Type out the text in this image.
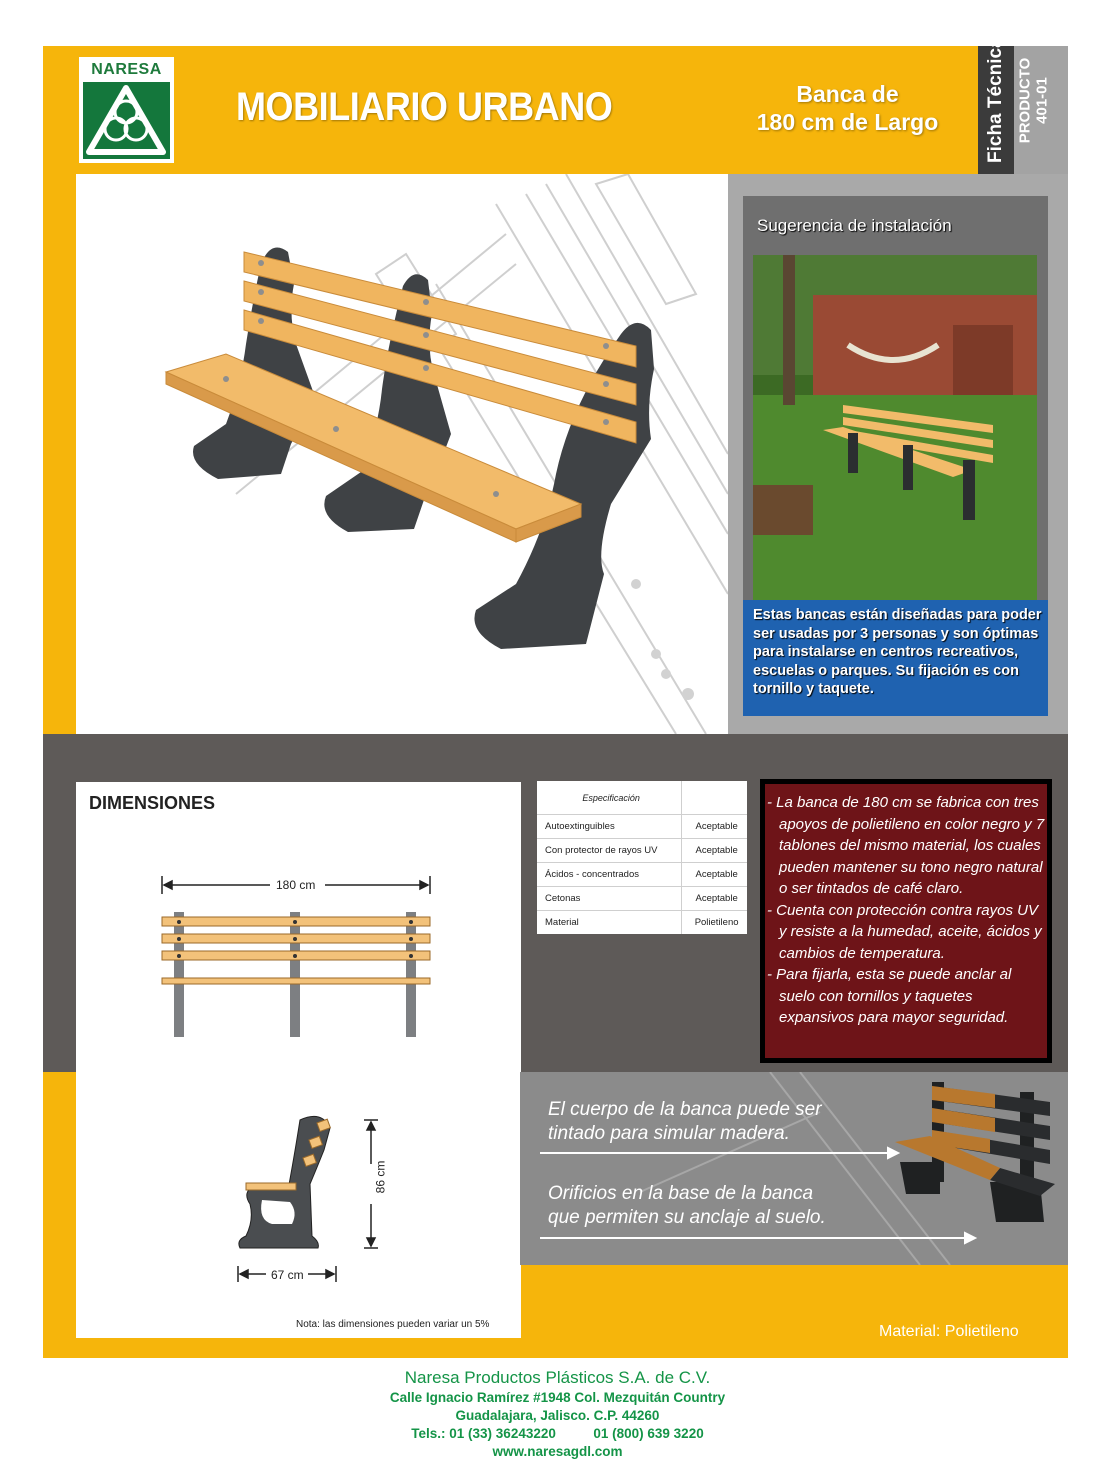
NARESA
MOBILIARIO URBANO	Banca de
180 cm de Largo	Ficha Técnica PRODUCTO 401-01
Sugerencia de instalación
Estas bancas están diseñadas para poder ser usadas por 3 personas y son óptimas para instalarse en centros recreativos, escuelas o parques. Su fijación es con tornillo y taquete.
DIMENSIONES
180 cm
86 cm
67 cm
Nota: las dimensiones pueden variar un 5%
Especificación	
Autoextinguibles	Aceptable
Con protector de rayos UV	Aceptable
Ácidos - concentrados	Aceptable
Cetonas	Aceptable
Material	Polietileno

- La banca de 180 cm se fabrica con tres apoyos de polietileno en color negro y 7 tablones del mismo material, los cuales pueden mantener su tono negro natural o ser tintados de café claro.

- Cuenta con protección contra rayos UV y resiste a la humedad, aceite, ácidos y cambios de temperatura.

- Para fijarla, esta se puede anclar al suelo con tornillos y taquetes expansivos para mayor seguridad.

El cuerpo de la banca puede ser tintado para simular madera.
Orificios en la base de la banca que permiten su anclaje al suelo.
Material: Polietileno
Naresa Productos Plásticos S.A. de C.V.
Calle Ignacio Ramírez #1948 Col. Mezquitán Country
Guadalajara, Jalisco. C.P. 44260
Tels.: 01 (33) 36243220          01 (800) 639 3220
www.naresagdl.com
